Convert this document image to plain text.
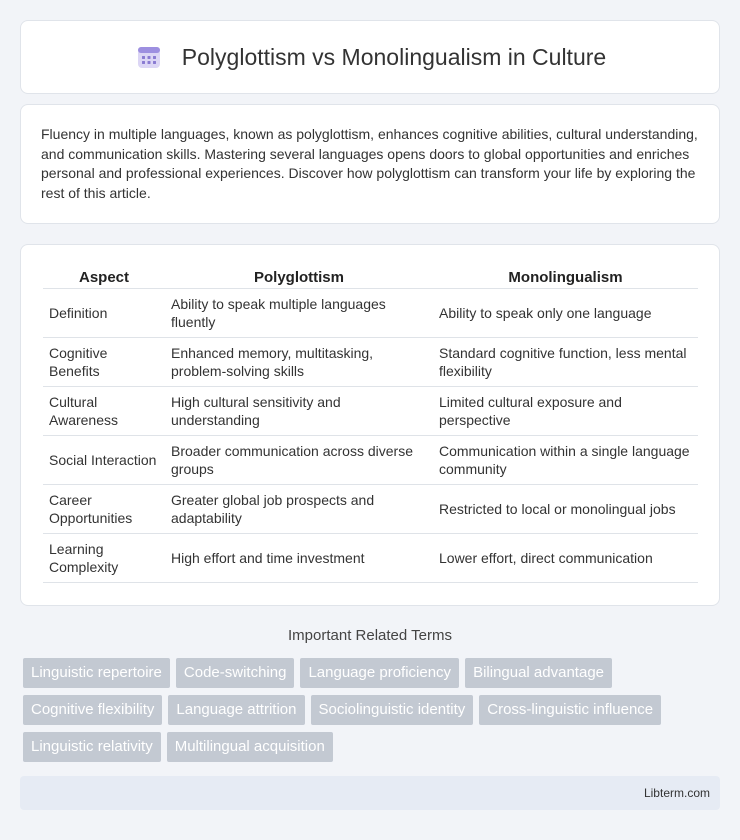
Polyglottism vs Monolingualism in Culture

Fluency in multiple languages, known as polyglottism, enhances cognitive abilities, cultural understanding, and communication skills. Mastering several languages opens doors to global opportunities and enriches personal and professional experiences. Discover how polyglottism can transform your life by exploring the rest of this article.

Aspect	Polyglottism	Monolingualism
Definition	Ability to speak multiple languages fluently	Ability to speak only one language
Cognitive Benefits	Enhanced memory, multitasking, problem-solving skills	Standard cognitive function, less mental flexibility
Cultural Awareness	High cultural sensitivity and understanding	Limited cultural exposure and perspective
Social Interaction	Broader communication across diverse groups	Communication within a single language community
Career Opportunities	Greater global job prospects and adaptability	Restricted to local or monolingual jobs
Learning Complexity	High effort and time investment	Lower effort, direct communication
Important Related Terms
Linguistic repertoire	Code-switching	Language proficiency	Bilingual advantage
Cognitive flexibility	Language attrition	Sociolinguistic identity	Cross-linguistic influence
Linguistic relativity	Multilingual acquisition
Libterm.com
